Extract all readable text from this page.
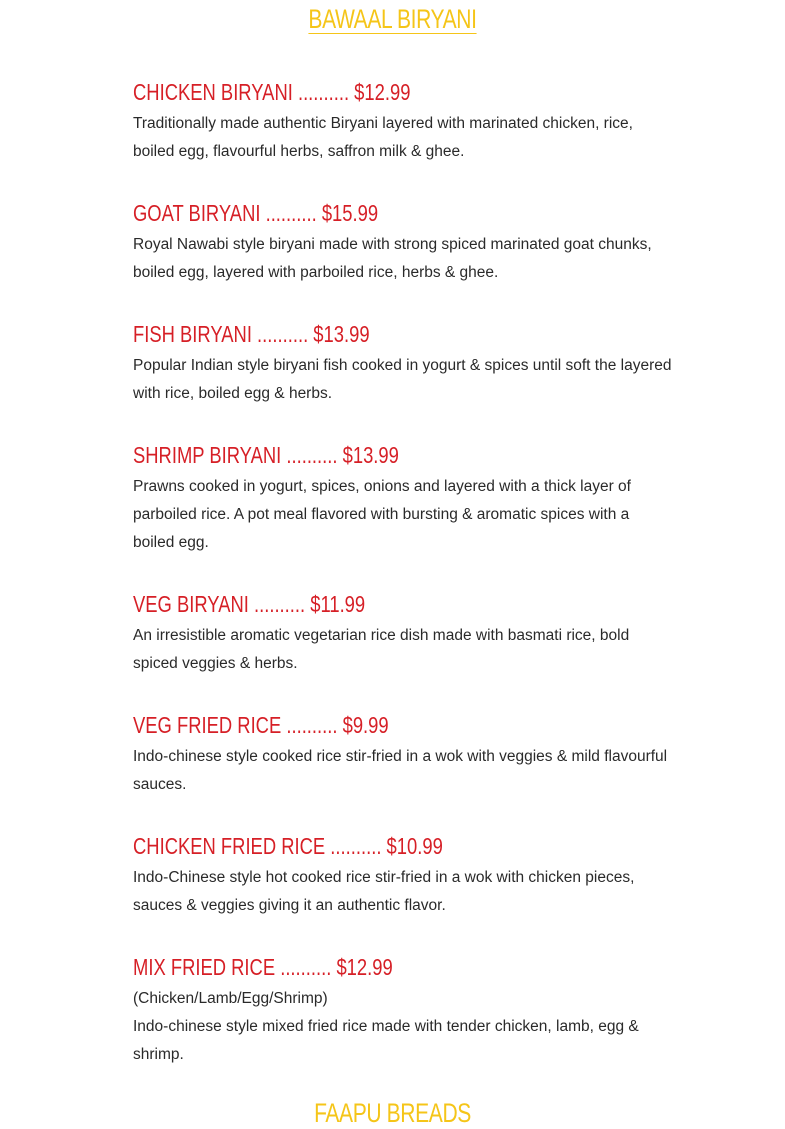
BAWAAL BIRYANI
CHICKEN BIRYANI .......... $12.99

Traditionally made authentic Biryani layered with marinated chicken, rice, boiled egg, flavourful herbs, saffron milk & ghee.

GOAT BIRYANI .......... $15.99

Royal Nawabi style biryani made with strong spiced marinated goat chunks, boiled egg, layered with parboiled rice, herbs & ghee.

FISH BIRYANI .......... $13.99

Popular Indian style biryani fish cooked in yogurt & spices until soft the layered with rice, boiled egg & herbs.

SHRIMP BIRYANI .......... $13.99

Prawns cooked in yogurt, spices, onions and layered with a thick layer of parboiled rice. A pot meal flavored with bursting & aromatic spices with a boiled egg.

VEG BIRYANI .......... $11.99

An irresistible aromatic vegetarian rice dish made with basmati rice, bold spiced veggies & herbs.

VEG FRIED RICE .......... $9.99

Indo-chinese style cooked rice stir-fried in a wok with veggies & mild flavourful sauces.

CHICKEN FRIED RICE .......... $10.99

Indo-Chinese style hot cooked rice stir-fried in a wok with chicken pieces, sauces & veggies giving it an authentic flavor.

MIX FRIED RICE .......... $12.99

(Chicken/Lamb/Egg/Shrimp)

Indo-chinese style mixed fried rice made with tender chicken, lamb, egg & shrimp.

FAAPU BREADS
